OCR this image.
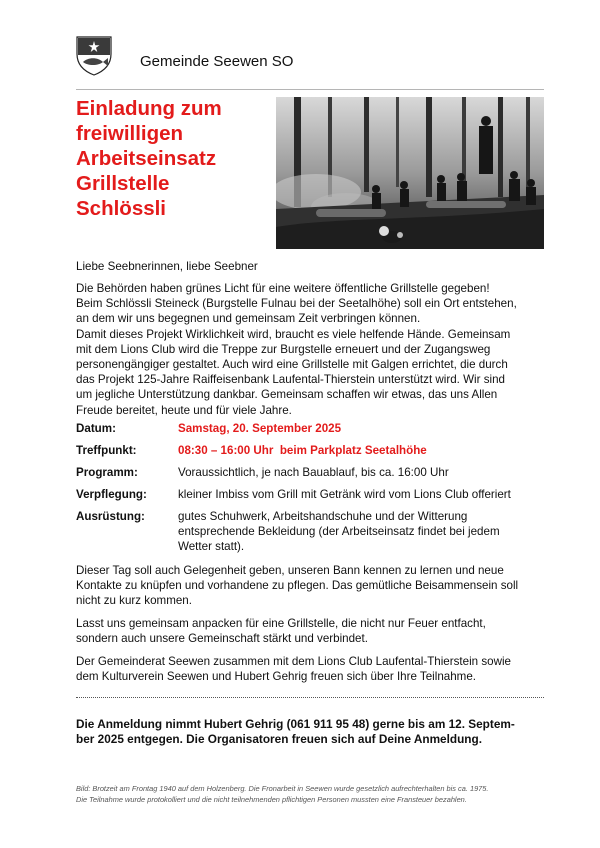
Gemeinde Seewen SO
Einladung zum
freiwilligen
Arbeitseinsatz
Grillstelle
Schlössli
Liebe Seebnerinnen, liebe Seebner
Die Behörden haben grünes Licht für eine weitere öffentliche Grillstelle gegeben!
Beim Schlössli Steineck (Burgstelle Fulnau bei der Seetalhöhe) soll ein Ort entstehen,
an dem wir uns begegnen und gemeinsam Zeit verbringen können.
Damit dieses Projekt Wirklichkeit wird, braucht es viele helfende Hände. Gemeinsam
mit dem Lions Club wird die Treppe zur Burgstelle erneuert und der Zugangsweg
personengängiger gestaltet. Auch wird eine Grillstelle mit Galgen errichtet, die durch
das Projekt 125-Jahre Raiffeisenbank Laufental-Thierstein unterstützt wird. Wir sind
um jegliche Unterstützung dankbar. Gemeinsam schaffen wir etwas, das uns Allen
Freude bereitet, heute und für viele Jahre.
Datum:	Samstag, 20. September 2025
Treffpunkt:	08:30 – 16:00 Uhr  beim Parkplatz Seetalhöhe
Programm:	Voraussichtlich, je nach Bauablauf, bis ca. 16:00 Uhr
Verpflegung:	kleiner Imbiss vom Grill mit Getränk wird vom Lions Club offeriert
Ausrüstung:	gutes Schuhwerk, Arbeitshandschuhe und der Witterung entsprechende Bekleidung (der Arbeitseinsatz findet bei jedem Wetter statt).
Dieser Tag soll auch Gelegenheit geben, unseren Bann kennen zu lernen und neue
Kontakte zu knüpfen und vorhandene zu pflegen. Das gemütliche Beisammensein soll
nicht zu kurz kommen.
Lasst uns gemeinsam anpacken für eine Grillstelle, die nicht nur Feuer entfacht,
sondern auch unsere Gemeinschaft stärkt und verbindet.
Der Gemeinderat Seewen zusammen mit dem Lions Club Laufental-Thierstein sowie
dem Kulturverein Seewen und Hubert Gehrig freuen sich über Ihre Teilnahme.
Die Anmeldung nimmt Hubert Gehrig (061 911 95 48) gerne bis am 12. Septem-
ber 2025 entgegen. Die Organisatoren freuen sich auf Deine Anmeldung.
Bild: Brotzeit am Frontag 1940 auf dem Holzenberg. Die Fronarbeit in Seewen wurde gesetzlich aufrechterhalten bis ca. 1975.
Die Teilnahme wurde protokolliert und die nicht teilnehmenden pflichtigen Personen mussten eine Fransteuer bezahlen.
